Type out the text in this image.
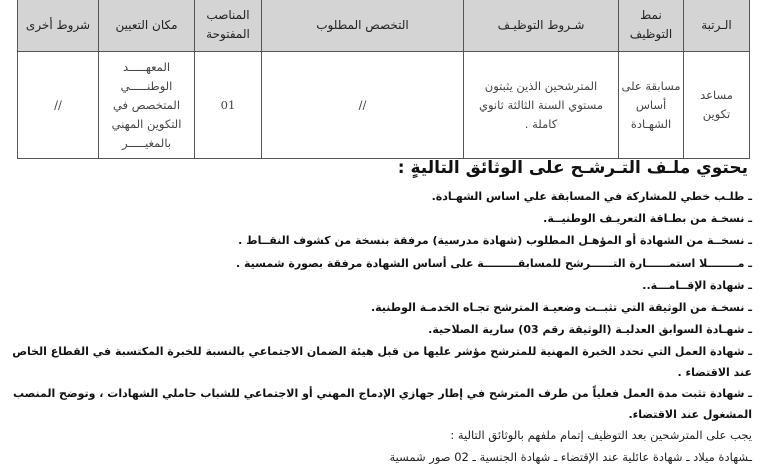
الـرتبة	نمط التوظيف	شـروط التوظيـف	التخصص المطلوب	المناصب المفتوحة	مكان التعيين	شروط أخرى
مساعد تكوين	مسابقة على أساس الشهـادة	المترشحين الذين يثبتون مستوي السنة الثالثة ثانوي كاملة .	//	01	المعهـــــد الوطنـــــي المتخصص في التكوين المهني بالمغيـــــر	//
يحتوي ملـف التـرشـح على الوثائق التاليةٍ :
ـ طلـب خطي للمشاركة في المسابقة علي اساس الشهـادة.
ـ نسخـة من بطـاقة التعريـف الوطنيــة.
ـ نسخــة من الشهادة أو المؤهـل المطلوب (شهادة مدرسية) مرفقة بنسخة من كشوف النقــاط .
ـ مــــــــلا استمــــــارة التــــــرشح للمسابقـــــــــة على أساس الشهادة مرفقة بصورة شمسية .
ـ شهادة الإقــامـــة..
ـ نسخـة من الوثيقة التي تثبــت وضعيـة المترشح تجـاه الخدمـة الوطنية.
ـ شهـادة السوابق العدليـة (الوثيقة رقم 03) سارية الصلاحية.
ـ شهادة العمل التي تحدد الخبرة المهنية للمترشح مؤشر عليها من قبل هيئة الضمان الاجتماعي بالنسبة للخبرة المكتسبة في القطاع الخاص عند الاقتضاء .
ـ شهادة تثبت مدة العمل فعلياً من طرف المترشح في إطار جهازي الإدماج المهني أو الاجتماعي للشباب حاملي الشهادات ، وتوضح المنصب المشغول عند الاقتضاء.
يجب على المترشحين بعد التوظيف إتمام ملفهم بالوثائق التالية :
ـشهادة ميلاد ـ شهادة عائلية عند الإقتضاء ـ شهادة الجنسية ـ 02 صور شمسية
